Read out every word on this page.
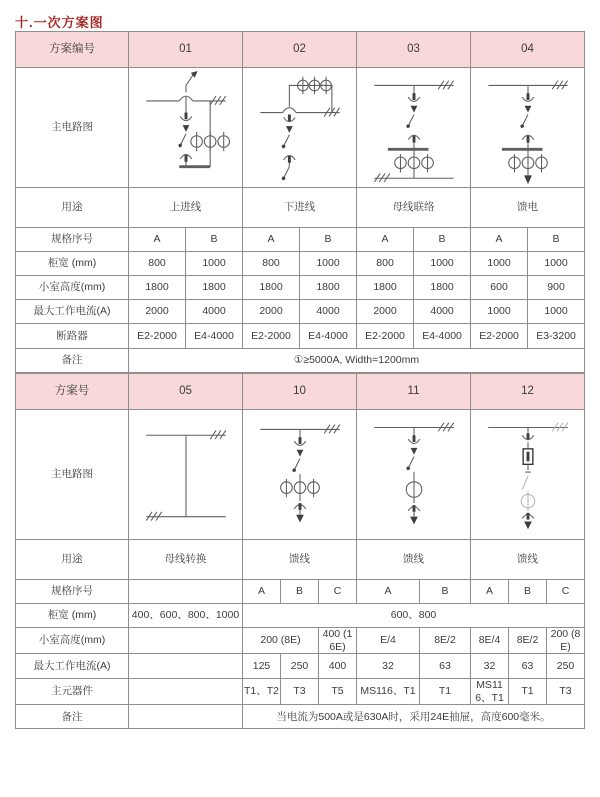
十.一次方案图
方案编号	01		02		03		04	
主电路图	

用途	上进线		下进线		母线联络		馈电	
规格序号	A	B	A	B	A	B	A	B
柜宽 (mm)	800	1000	800	1000	800	1000	1000	1000
小室高度(mm)	1800	1800	1800	1800	1800	1800	600	900
最大工作电流(A)	2000	4000	2000	4000	2000	4000	1000	1000
断路器	E2-2000	E4-4000	E2-2000	E4-4000	E2-2000	E4-4000	E2-2000	E3-3200
备注	①≥5000A, Width=1200mm							
方案号	05	10			11		12		
主电路图	

用途	母线转换	馈线			馈线		馈线		
规格序号		A	B	C	A	B	A	B	C
柜宽 (mm)	400、600、800、1000	600、800							
小室高度(mm)		200 (8E)		400 (16E)	E/4	8E/2	8E/4	8E/2	200 (8E)
最大工作电流(A)		125	250	400	32	63	32	63	250
主元器件		T1、T2	T3	T5	MS116、T1	T1	MS116、T1	T1	T3
备注		当电流为500A或是630A时，采用24E抽屉，高度600毫米。							
